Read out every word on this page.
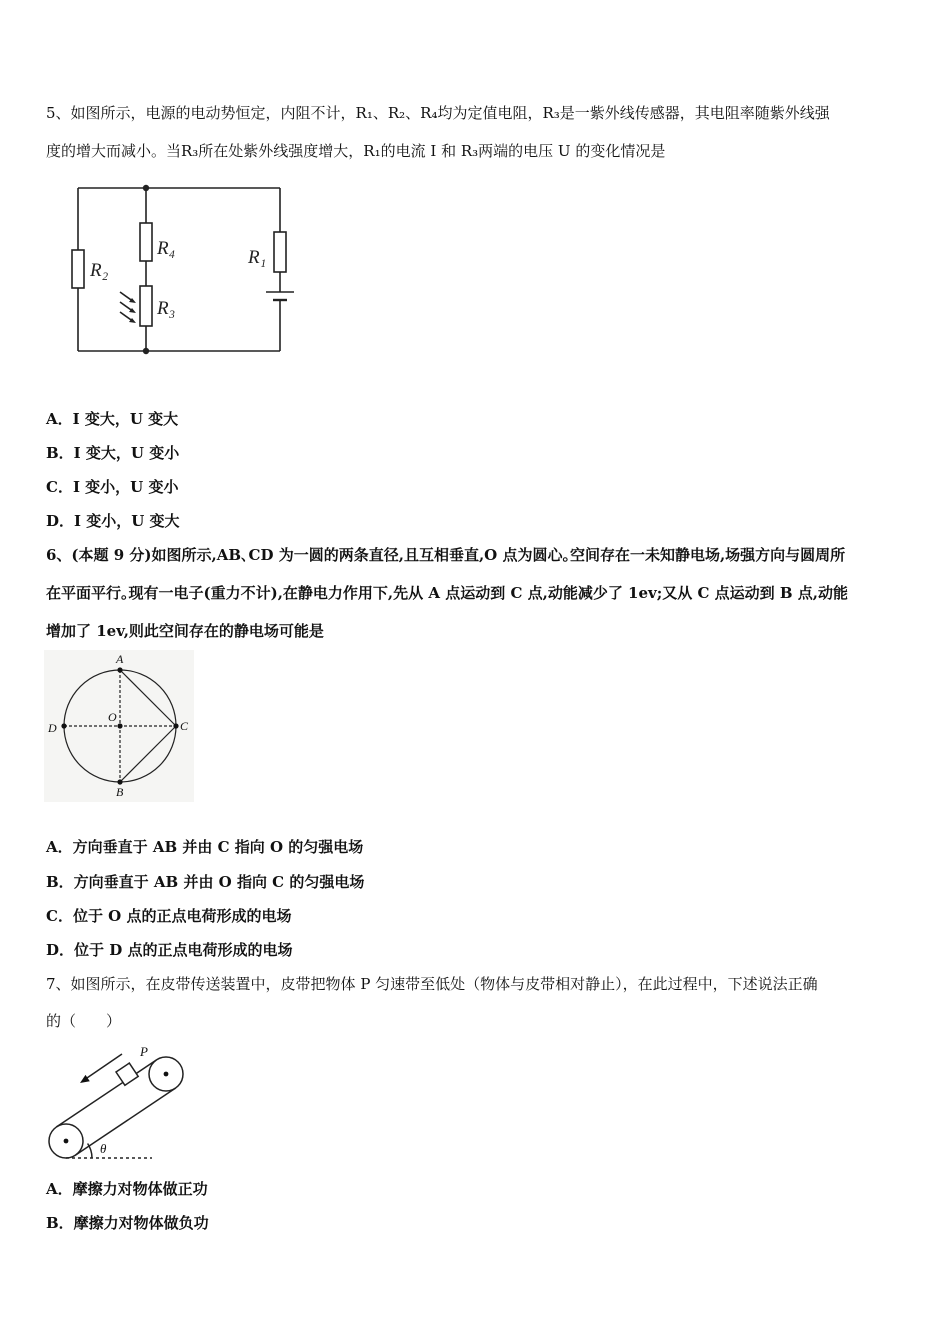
5、如图所示，电源的电动势恒定，内阻不计，R₁、R₂、R₄均为定值电阻，R₃是一紫外线传感器，其电阻率随紫外线强
度的增大而减小。当R₃所在处紫外线强度增大，R₁的电流 I 和 R₃两端的电压 U 的变化情况是
R₂
R₄
R₃
R₁
A．I 变大，U 变大
B．I 变大，U 变小
C．I 变小，U 变小
D．I 变小，U 变大
6、(本题 9 分)如图所示,AB､CD 为一圆的两条直径,且互相垂直,O 点为圆心｡空间存在一未知静电场,场强方向与圆周所
在平面平行｡现有一电子(重力不计),在静电力作用下,先从 A 点运动到 C 点,动能减少了 1ev;又从 C 点运动到 B 点,动能
增加了 1ev,则此空间存在的静电场可能是
A
B
C
D
O
A．方向垂直于 AB 并由 C 指向 O 的匀强电场
B．方向垂直于 AB 并由 O 指向 C 的匀强电场
C．位于 O 点的正点电荷形成的电场
D．位于 D 点的正点电荷形成的电场
7、如图所示，在皮带传送装置中，皮带把物体 P 匀速带至低处（物体与皮带相对静止），在此过程中，下述说法正确
的（　　）
P
θ
A．摩擦力对物体做正功
B．摩擦力对物体做负功
